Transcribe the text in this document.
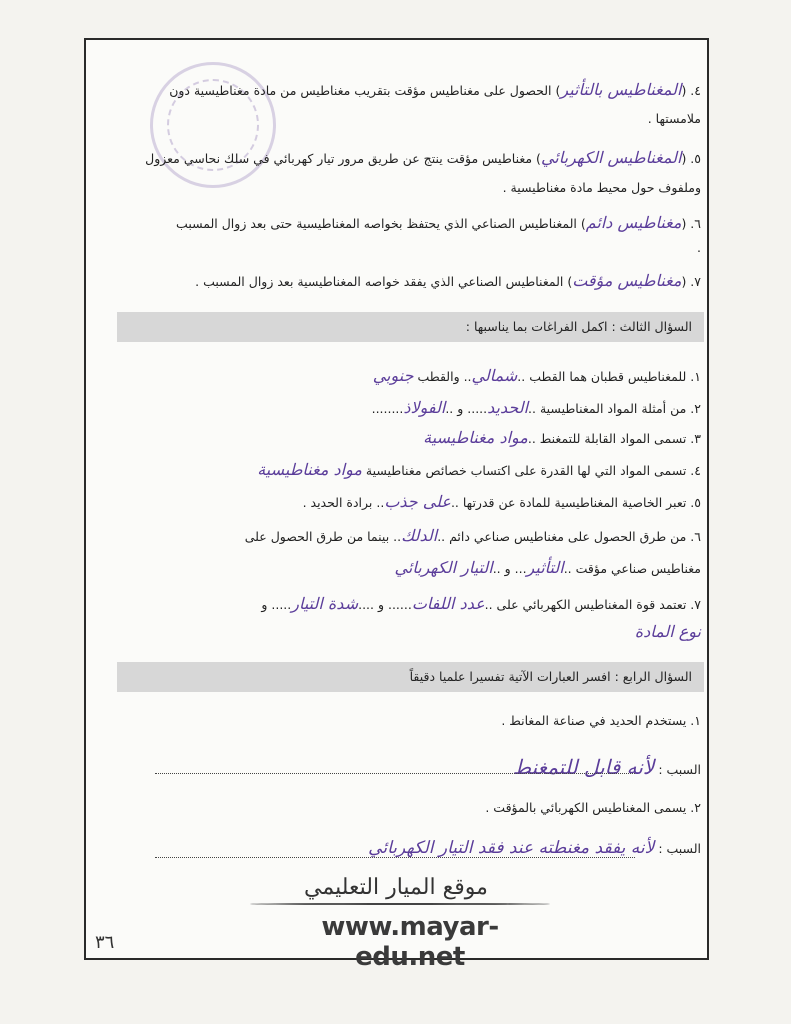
٤. (المغناطيس بالتأثير) الحصول على مغناطيس مؤقت بتقريب مغناطيس من مادة مغناطيسية دون
ملامستها .
٥. (المغناطيس الكهربائي) مغناطيس مؤقت ينتج عن طريق مرور تيار كهربائي في سلك نحاسي معزول
وملفوف حول محيط مادة مغناطيسية .
٦. (مغناطيس دائم) المغناطيس الصناعي الذي يحتفظ بخواصه المغناطيسية حتى بعد زوال المسبب
.
٧. (مغناطيس مؤقت) المغناطيس الصناعي الذي يفقد خواصه المغناطيسية بعد زوال المسبب .
السؤال الثالث : اكمل الفراغات بما يناسبها :
١. للمغناطيس قطبان هما القطب ..شمالي.. والقطب جنوبي
٢. من أمثلة المواد المغناطيسية ..الحديد..... و ..الفولاذ........
٣. تسمى المواد القابلة للتمغنط ..مواد مغناطيسية
٤. تسمى المواد التي لها القدرة على اكتساب خصائص مغناطيسية مواد مغناطيسية
٥. تعبر الخاصية المغناطيسية للمادة عن قدرتها ..على جذب.. برادة الحديد .
٦. من طرق الحصول على مغناطيس صناعي دائم ..الدلك.. بينما من طرق الحصول على
مغناطيس صناعي مؤقت ..التأثير... و ..التيار الكهربائي
٧. تعتمد قوة المغناطيس الكهربائي على ..عدد اللفات...... و ....شدة التيار..... و
نوع المادة
السؤال الرابع : افسر العبارات الآتية تفسيرا علميا دقيقاً
١. يستخدم الحديد في صناعة المغانط .
السبب : لأنه قابل للتمغنط
٢. يسمى المغناطيس الكهربائي بالمؤقت .
السبب : لأنه يفقد مغنطته عند فقد التيار الكهربائي
موقع الميار التعليمي
www.mayar-edu.net
٣٦
